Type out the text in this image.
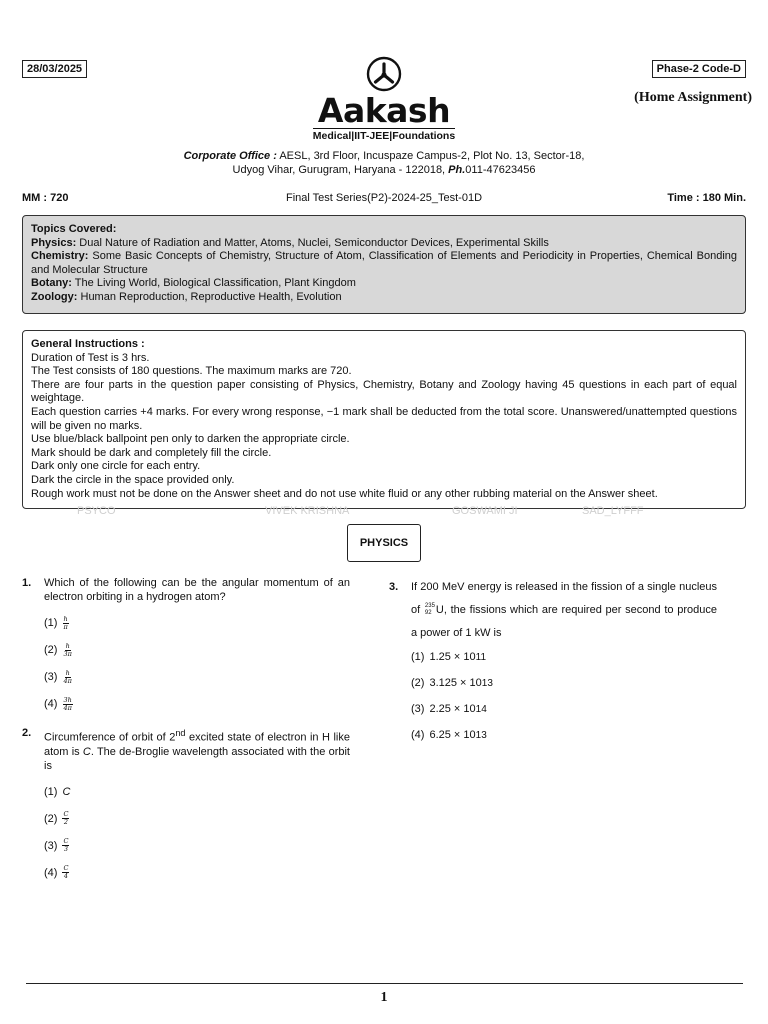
28/03/2025	Phase-2 Code-D
(Home Assignment)
Aakash
Medical|IIT-JEE|Foundations
Corporate Office : AESL, 3rd Floor, Incuspaze Campus-2, Plot No. 13, Sector-18,
Udyog Vihar, Gurugram, Haryana - 122018, Ph.011-47623456
MM : 720	Final Test Series(P2)-2024-25_Test-01D	Time : 180 Min.
Topics Covered:
Physics: Dual Nature of Radiation and Matter, Atoms, Nuclei, Semiconductor Devices, Experimental Skills
Chemistry: Some Basic Concepts of Chemistry, Structure of Atom, Classification of Elements and Periodicity in Properties, Chemical Bonding and Molecular Structure
Botany: The Living World, Biological Classification, Plant Kingdom
Zoology: Human Reproduction, Reproductive Health, Evolution
General Instructions :
Duration of Test is 3 hrs.
The Test consists of 180 questions. The maximum marks are 720.
There are four parts in the question paper consisting of Physics, Chemistry, Botany and Zoology having 45 questions in each part of equal weightage.
Each question carries +4 marks. For every wrong response, −1 mark shall be deducted from the total score. Unanswered/unattempted questions will be given no marks.
Use blue/black ballpoint pen only to darken the appropriate circle.
Mark should be dark and completely fill the circle.
Dark only one circle for each entry.
Dark the circle in the space provided only.
Rough work must not be done on the Answer sheet and do not use white fluid or any other rubbing material on the Answer sheet.
PSYCO	VIVEK KRISHNA	GOSWAMI JI	SAD_LYFFF
PHYSICS
1. Which of the following can be the angular momentum of an electron orbiting in a hydrogen atom?
$(1) \frac{h}{\pi}$
$(2) \frac{h}{3\pi}$
$(3) \frac{h}{4\pi}$
$(4) \frac{3h}{4\pi}$
2. Circumference of orbit of 2nd excited state of electron in H like atom is C. The de-Broglie wavelength associated with the orbit is
(1) C
$(2) \frac{C}{2}$
$(3) \frac{C}{3}$
$(4) \frac{C}{4}$
3. If 200 MeV energy is released in the fission of a single nucleus of 235
92 U, the fissions which are required per second to produce a power of 1 kW is
(1) 1.25 × 10 11
(2) 3.125 × 10 13
(3) 2.25 × 10 14
(4) 6.25 × 10 13
1
